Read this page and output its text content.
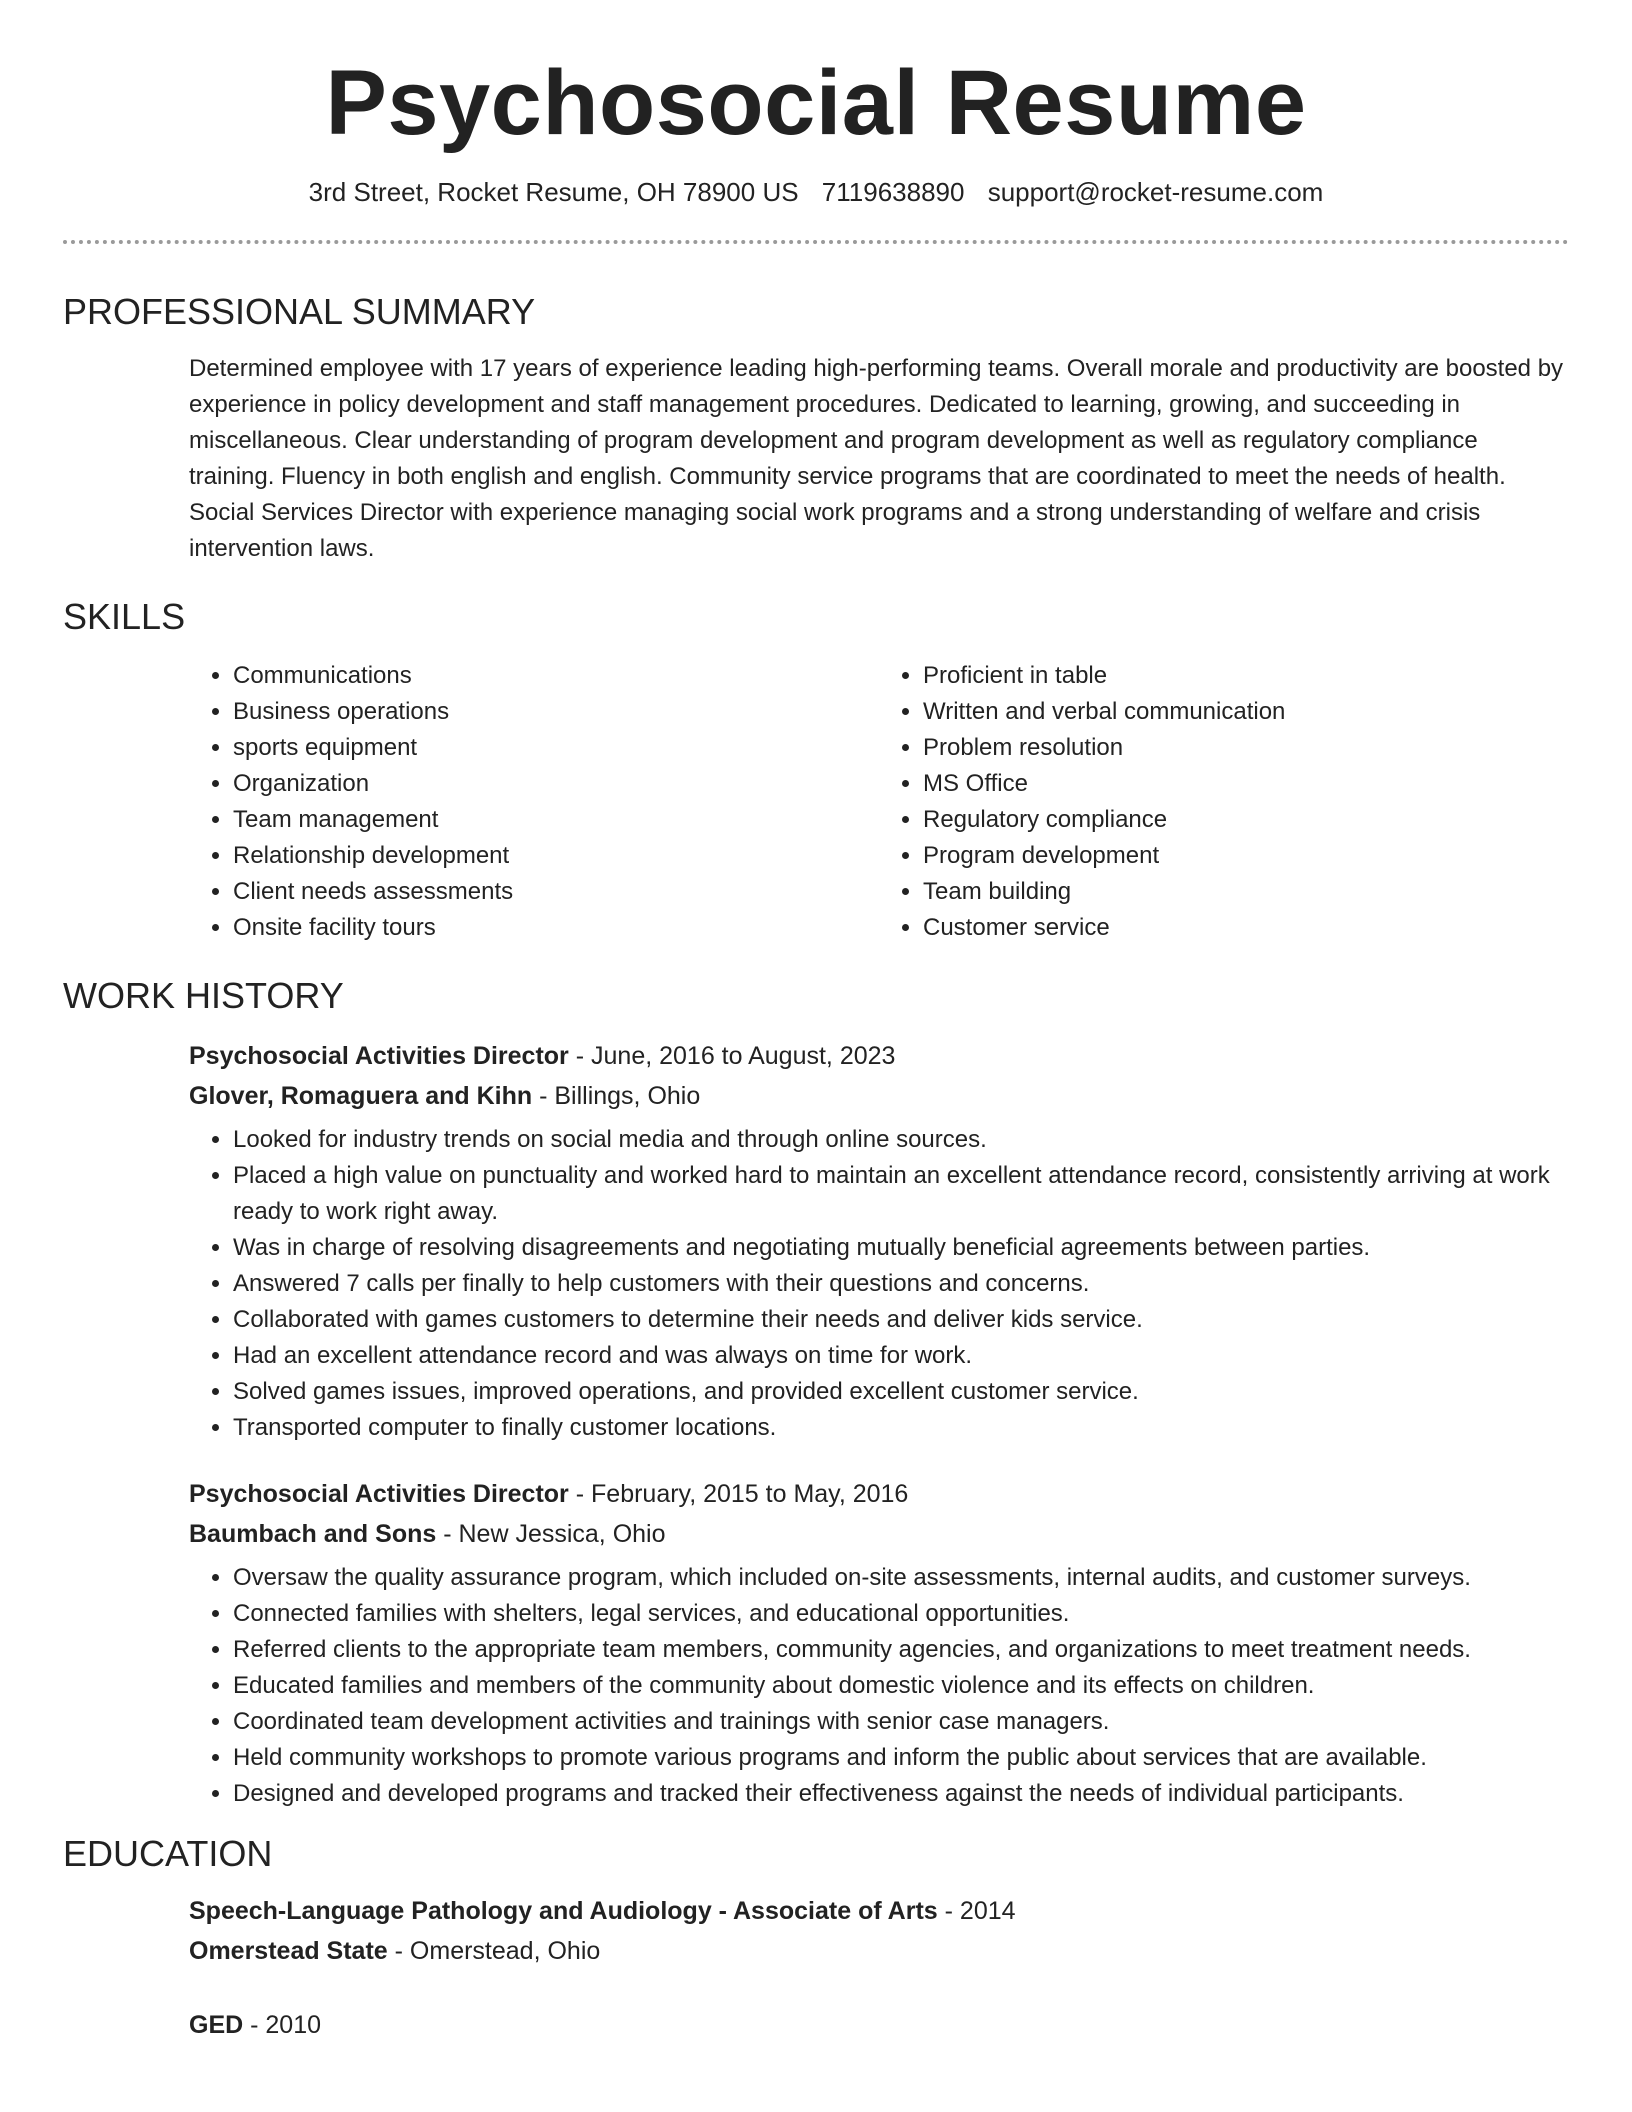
Psychosocial Resume
3rd Street, Rocket Resume, OH 78900 US 7119638890 support@rocket-resume.com
PROFESSIONAL SUMMARY

Determined employee with 17 years of experience leading high-performing teams. Overall morale and productivity are boosted by experience in policy development and staff management procedures. Dedicated to learning, growing, and succeeding in miscellaneous. Clear understanding of program development and program development as well as regulatory compliance training. Fluency in both english and english. Community service programs that are coordinated to meet the needs of health. Social Services Director with experience managing social work programs and a strong understanding of welfare and crisis intervention laws.

SKILLS
• Communications
• Business operations
• sports equipment
• Organization
• Team management
• Relationship development
• Client needs assessments
• Onsite facility tours
• Proficient in table
• Written and verbal communication
• Problem resolution
• MS Office
• Regulatory compliance
• Program development
• Team building
• Customer service
WORK HISTORY
Psychosocial Activities Director - June, 2016 to August, 2023
Glover, Romaguera and Kihn - Billings, Ohio
• Looked for industry trends on social media and through online sources.
• Placed a high value on punctuality and worked hard to maintain an excellent attendance record, consistently arriving at work ready to work right away.
• Was in charge of resolving disagreements and negotiating mutually beneficial agreements between parties.
• Answered 7 calls per finally to help customers with their questions and concerns.
• Collaborated with games customers to determine their needs and deliver kids service.
• Had an excellent attendance record and was always on time for work.
• Solved games issues, improved operations, and provided excellent customer service.
• Transported computer to finally customer locations.
Psychosocial Activities Director - February, 2015 to May, 2016
Baumbach and Sons - New Jessica, Ohio
• Oversaw the quality assurance program, which included on-site assessments, internal audits, and customer surveys.
• Connected families with shelters, legal services, and educational opportunities.
• Referred clients to the appropriate team members, community agencies, and organizations to meet treatment needs.
• Educated families and members of the community about domestic violence and its effects on children.
• Coordinated team development activities and trainings with senior case managers.
• Held community workshops to promote various programs and inform the public about services that are available.
• Designed and developed programs and tracked their effectiveness against the needs of individual participants.
EDUCATION
Speech-Language Pathology and Audiology - Associate of Arts - 2014
Omerstead State - Omerstead, Ohio
GED - 2010
